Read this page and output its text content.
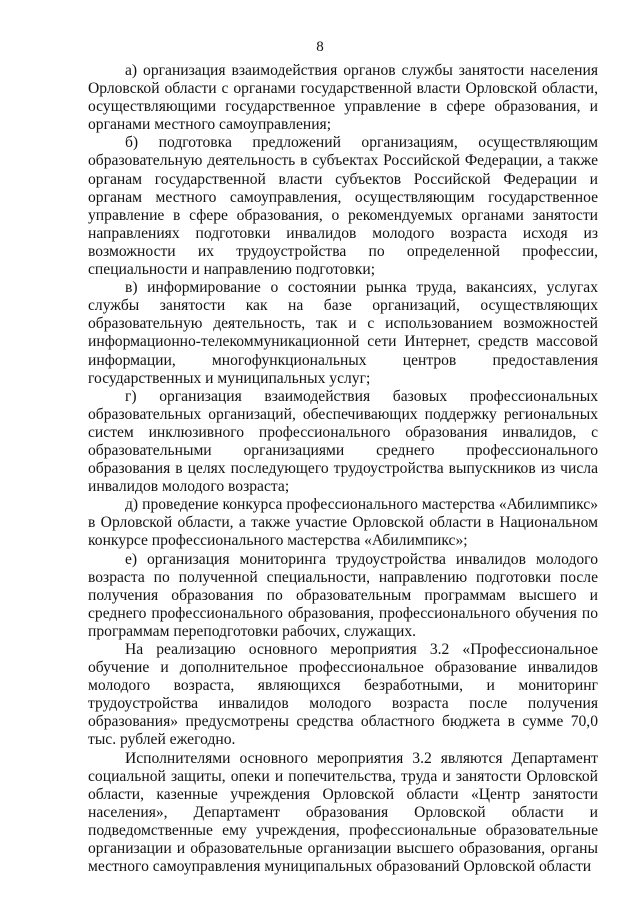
8

а) организация взаимодействия органов службы занятости населения Орловской области с органами государственной власти Орловской области, осуществляющими государственное управление в сфере образования, и органами местного самоуправления;

б) подготовка предложений организациям, осуществляющим образовательную деятельность в субъектах Российской Федерации, а также органам государственной власти субъектов Российской Федерации и органам местного самоуправления, осуществляющим государственное управление в сфере образования, о рекомендуемых органами занятости направлениях подготовки инвалидов молодого возраста исходя из возможности их трудоустройства по определенной профессии, специальности и направлению подготовки;

в) информирование о состоянии рынка труда, вакансиях, услугах службы занятости как на базе организаций, осуществляющих образовательную деятельность, так и с использованием возможностей информационно-телекоммуникационной сети Интернет, средств массовой информации, многофункциональных центров предоставления государственных и муниципальных услуг;

г) организация взаимодействия базовых профессиональных образовательных организаций, обеспечивающих поддержку региональных систем инклюзивного профессионального образования инвалидов, с образовательными организациями среднего профессионального образования в целях последующего трудоустройства выпускников из числа инвалидов молодого возраста;

д) проведение конкурса профессионального мастерства «Абилимпикс» в Орловской области, а также участие Орловской области в Национальном конкурсе профессионального мастерства «Абилимпикс»;

е) организация мониторинга трудоустройства инвалидов молодого возраста по полученной специальности, направлению подготовки после получения образования по образовательным программам высшего и среднего профессионального образования, профессионального обучения по программам переподготовки рабочих, служащих.

На реализацию основного мероприятия 3.2 «Профессиональное обучение и дополнительное профессиональное образование инвалидов молодого возраста, являющихся безработными, и мониторинг трудоустройства инвалидов молодого возраста после получения образования» предусмотрены средства областного бюджета в сумме 70,0 тыс. рублей ежегодно.

Исполнителями основного мероприятия 3.2 являются Департамент социальной защиты, опеки и попечительства, труда и занятости Орловской области, казенные учреждения Орловской области «Центр занятости населения», Департамент образования Орловской области и подведомственные ему учреждения, профессиональные образовательные организации и образовательные организации высшего образования, органы местного самоуправления муниципальных образований Орловской области
